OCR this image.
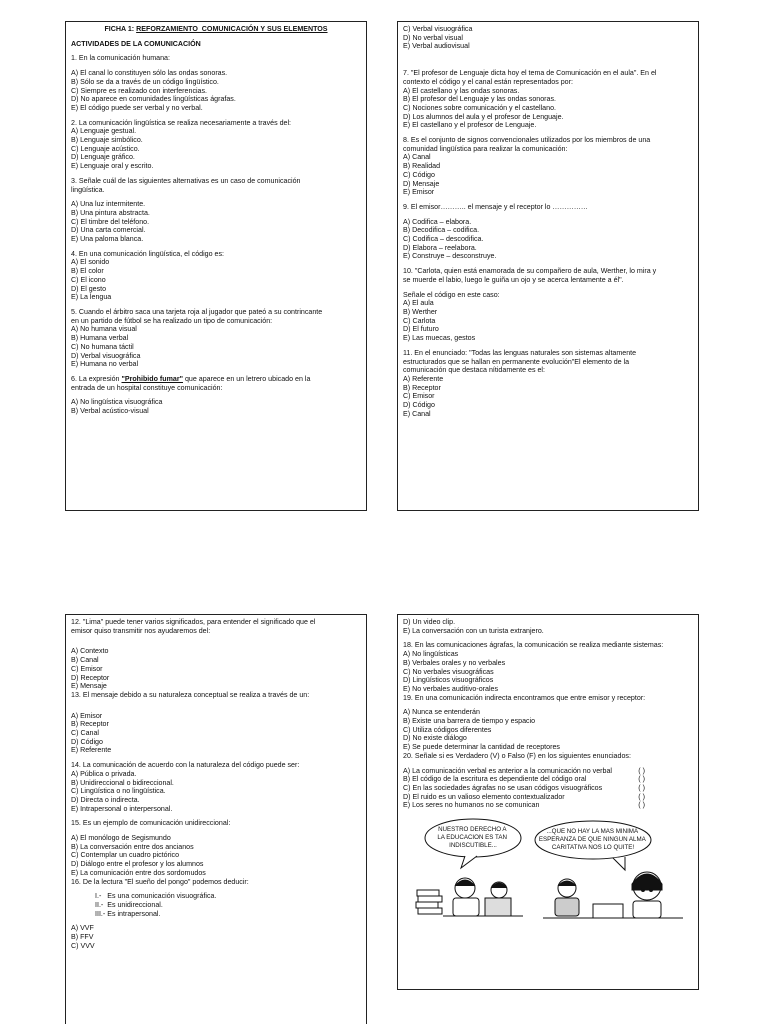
FICHA 1: REFORZAMIENTO  COMUNICACIÓN Y SUS ELEMENTOS
ACTIVIDADES DE LA COMUNICACIÓN
1. En la comunicación humana:
A) El canal lo constituyen sólo las ondas sonoras.
B) Sólo se da a través de un código lingüístico.
C) Siempre es realizado con interferencias.
D) No aparece en comunidades lingüísticas ágrafas.
E) El código puede ser verbal y no verbal.
2. La comunicación lingüística se realiza necesariamente a través del:
A) Lenguaje gestual.
B) Lenguaje simbólico.
C) Lenguaje acústico.
D) Lenguaje gráfico.
E) Lenguaje oral y escrito.
3. Señale cuál de las siguientes alternativas es un caso de comunicación
lingüística.
A) Una luz intermitente.
B) Una pintura abstracta.
C) El timbre del teléfono.
D) Una carta comercial.
E) Una paloma blanca.
4. En una comunicación lingüística, el código es:
A) El sonido
B) El color
C) El icono
D) El gesto
E) La lengua
5. Cuando el árbitro saca una tarjeta roja al jugador que pateó a su contrincante
en un partido de fútbol se ha realizado un tipo de comunicación:
A) No humana visual
B) Humana verbal
C) No humana táctil
D) Verbal visuográfica
E) Humana no verbal
6. La expresión "Prohibido fumar" que aparece en un letrero ubicado en la
entrada de un hospital constituye comunicación:
A) No lingüística visuográfica
B) Verbal acústico-visual
C) Verbal visuográfica
D) No verbal visual
E) Verbal audiovisual
7. "El profesor de Lenguaje dicta hoy el tema de Comunicación en el aula". En el
contexto el código y el canal están representados por:
A) El castellano y las ondas sonoras.
B) El profesor del Lenguaje y las ondas sonoras.
C) Nociones sobre comunicación y el castellano.
D) Los alumnos del aula y el profesor de Lenguaje.
E) El castellano y el profesor de Lenguaje.
8. Es el conjunto de signos convencionales utilizados por los miembros de una
comunidad lingüística para realizar la comunicación:
A) Canal
B) Realidad
C) Código
D) Mensaje
E) Emisor
9. El emisor……….. el mensaje y el receptor lo ……………
A) Codifica – elabora.
B) Decodifica – codifica.
C) Codifica – descodifica.
D) Elabora – reelabora.
E) Construye – desconstruye.
10. "Carlota, quien está enamorada de su compañero de aula, Werther, lo mira y
se muerde el labio, luego le guiña un ojo y se acerca lentamente a él".
Señale el código en este caso:
A) El aula
B) Werther
C) Carlota
D) El futuro
E) Las muecas, gestos
11. En el enunciado: "Todas las lenguas naturales son sistemas altamente
estructurados que se hallan en permanente evolución"El elemento de la
comunicación que destaca nítidamente es el:
A) Referente
B) Receptor
C) Emisor
D) Código
E) Canal
12. "Lima" puede tener varios significados, para entender el significado que el
emisor quiso transmitir nos ayudaremos del:
A) Contexto
B) Canal
C) Emisor
D) Receptor
E) Mensaje
13. El mensaje debido a su naturaleza conceptual se realiza a través de un:
A) Emisor
B) Receptor
C) Canal
D) Código
E) Referente
14. La comunicación de acuerdo con la naturaleza del código puede ser:
A) Pública o privada.
B) Unidireccional o bidireccional.
C) Lingüística o no lingüística.
D) Directa o indirecta.
E) Intrapersonal o interpersonal.
15. Es un ejemplo de comunicación unidireccional:
A) El monólogo de Segismundo
B) La conversación entre dos ancianos
C) Contemplar un cuadro pictórico
D) Diálogo entre el profesor y los alumnos
E) La comunicación entre dos sordomudos
16. De la lectura "El sueño del pongo" podemos deducir:
I.-   Es una comunicación visuográfica.
II.-  Es unidireccional.
III.- Es intrapersonal.
A) VVF
B) FFV
C) VVV
D) Un video clip.
E) La conversación con un turista extranjero.
18. En las comunicaciones ágrafas, la comunicación se realiza mediante sistemas:
A) No lingüísticas
B) Verbales orales y no verbales
C) No verbales visuográficas
D) Lingüísticos visuográficos
E) No verbales auditivo-orales
19. En una comunicación indirecta encontramos que entre emisor y receptor:
A) Nunca se entenderán
B) Existe una barrera de tiempo y espacio
C) Utiliza códigos diferentes
D) No existe diálogo
E) Se puede determinar la cantidad de receptores
20. Señale si es Verdadero (V) o Falso (F) en los siguientes enunciados:
A) La comunicación verbal es anterior a la comunicación no verbal	( )
B) El código de la escritura es dependiente del código oral	( )
C) En las sociedades ágrafas no se usan códigos visuográficos	( )
D) El ruido es un valioso elemento contextualizador	( )
E) Los seres no humanos no se comunican	( )
NUESTRO DERECHO A LA EDUCACION ES TAN INDISCUTIBLE...
...QUE NO HAY LA MAS MINIMA ESPERANZA DE QUE NINGUN ALMA CARITATIVA NOS LO QUITE!
